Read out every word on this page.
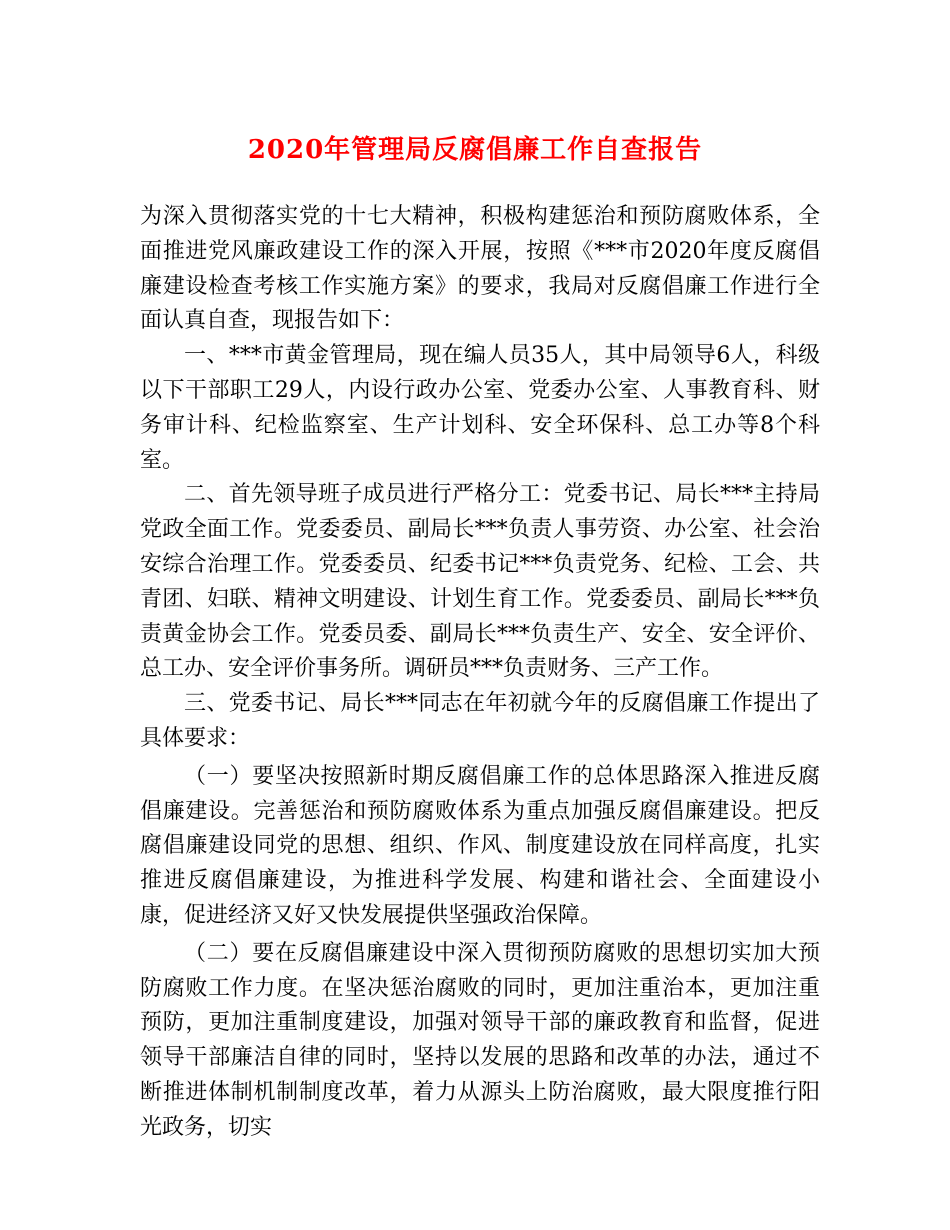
2020年管理局反腐倡廉工作自查报告

为深入贯彻落实党的十七大精神，积极构建惩治和预防腐败体系，全面推进党风廉政建设工作的深入开展，按照《***市2020年度反腐倡廉建设检查考核工作实施方案》的要求，我局对反腐倡廉工作进行全面认真自查，现报告如下：

一、***市黄金管理局，现在编人员35人，其中局领导6人，科级以下干部职工29人，内设行政办公室、党委办公室、人事教育科、财务审计科、纪检监察室、生产计划科、安全环保科、总工办等8个科室。

二、首先领导班子成员进行严格分工：党委书记、局长***主持局党政全面工作。党委委员、副局长***负责人事劳资、办公室、社会治安综合治理工作。党委委员、纪委书记***负责党务、纪检、工会、共青团、妇联、精神文明建设、计划生育工作。党委委员、副局长***负责黄金协会工作。党委员委、副局长***负责生产、安全、安全评价、总工办、安全评价事务所。调研员***负责财务、三产工作。

三、党委书记、局长***同志在年初就今年的反腐倡廉工作提出了具体要求：

（一）要坚决按照新时期反腐倡廉工作的总体思路深入推进反腐倡廉建设。完善惩治和预防腐败体系为重点加强反腐倡廉建设。把反腐倡廉建设同党的思想、组织、作风、制度建设放在同样高度，扎实推进反腐倡廉建设，为推进科学发展、构建和谐社会、全面建设小康，促进经济又好又快发展提供坚强政治保障。

（二）要在反腐倡廉建设中深入贯彻预防腐败的思想切实加大预防腐败工作力度。在坚决惩治腐败的同时，更加注重治本，更加注重预防，更加注重制度建设，加强对领导干部的廉政教育和监督，促进领导干部廉洁自律的同时，坚持以发展的思路和改革的办法，通过不断推进体制机制制度改革，着力从源头上防治腐败，最大限度推行阳光政务，切实
